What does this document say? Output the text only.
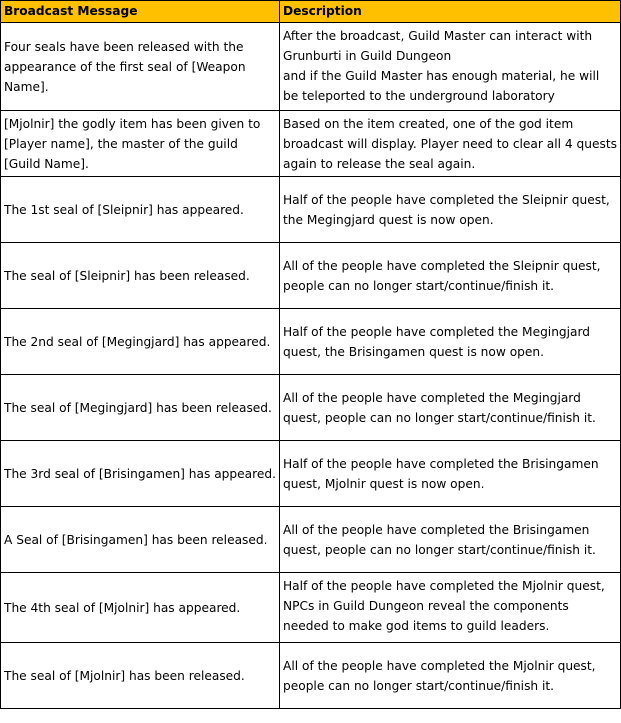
Broadcast Message	Description

Four seals have been released with the
appearance of the first seal of [Weapon
Name].	After the broadcast, Guild Master can interact with
Grunburti in Guild Dungeon
and if the Guild Master has enough material, he will
be teleported to the underground laboratory

[Mjolnir] the godly item has been given to
[Player name], the master of the guild
[Guild Name].	Based on the item created, one of the god item
broadcast will display. Player need to clear all 4 quests
again to release the seal again.

The 1st seal of [Sleipnir] has appeared.	Half of the people have completed the Sleipnir quest,
the Megingjard quest is now open.

The seal of [Sleipnir] has been released.	All of the people have completed the Sleipnir quest,
people can no longer start/continue/finish it.

The 2nd seal of [Megingjard] has appeared.	Half of the people have completed the Megingjard
quest, the Brisingamen quest is now open.

The seal of [Megingjard] has been released.	All of the people have completed the Megingjard
quest, people can no longer start/continue/finish it.

The 3rd seal of [Brisingamen] has appeared.	Half of the people have completed the Brisingamen
quest, Mjolnir quest is now open.

A Seal of [Brisingamen] has been released.	All of the people have completed the Brisingamen
quest, people can no longer start/continue/finish it.

The 4th seal of [Mjolnir] has appeared.	Half of the people have completed the Mjolnir quest,
NPCs in Guild Dungeon reveal the components
needed to make god items to guild leaders.

The seal of [Mjolnir] has been released.	All of the people have completed the Mjolnir quest,
people can no longer start/continue/finish it.
